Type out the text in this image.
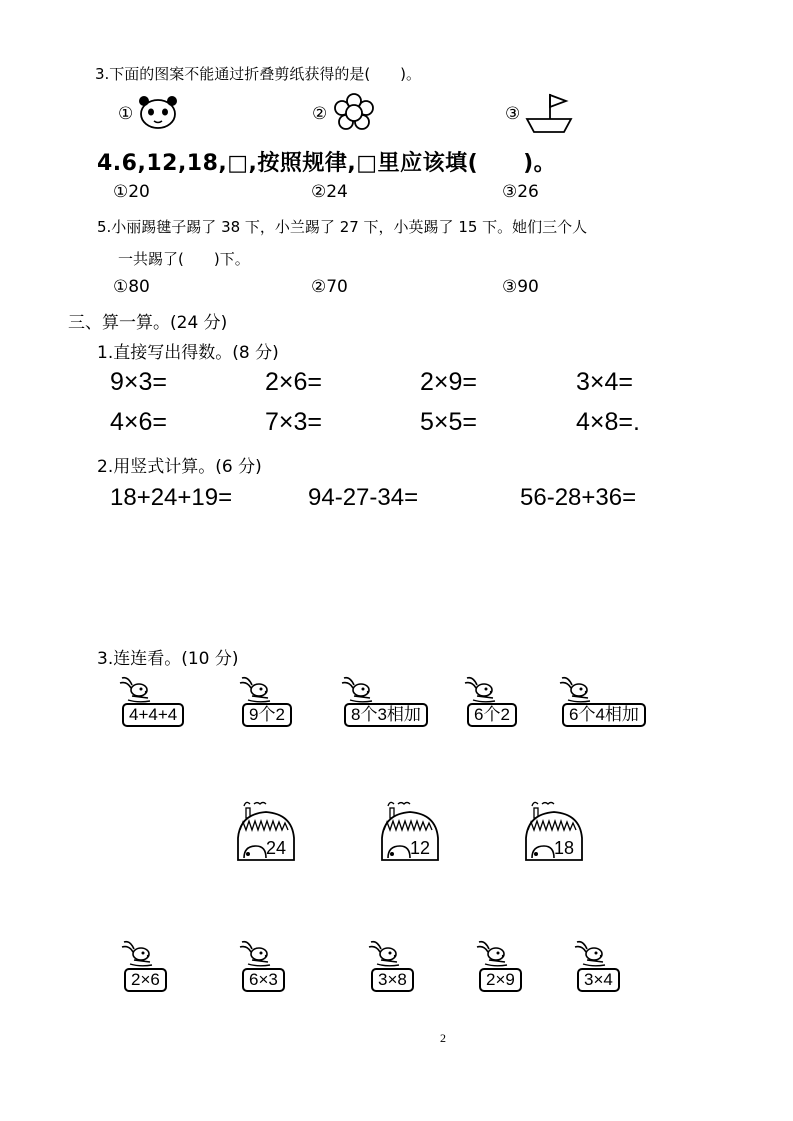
3.下面的图案不能通过折叠剪纸获得的是(　　)。
①	②	③
4.6,12,18,□,按照规律,□里应该填(　　)。
①20	②24	③26
5.小丽踢毽子踢了 38 下，小兰踢了 27 下，小英踢了 15 下。她们三个人
一共踢了(　　)下。
①80	②70	③90
三、算一算。(24 分)
1.直接写出得数。(8 分)
9×3=	2×6=	2×9=	3×4=
4×6=	7×3=	5×5=	4×8=.
2.用竖式计算。(6 分)
18+24+19=	94-27-34=	56-28+36=
3.连连看。(10 分)
4+4+4	9个2	8个3相加	6个2	6个4相加
24	12	18
2×6	6×3	3×8	2×9	3×4
2
